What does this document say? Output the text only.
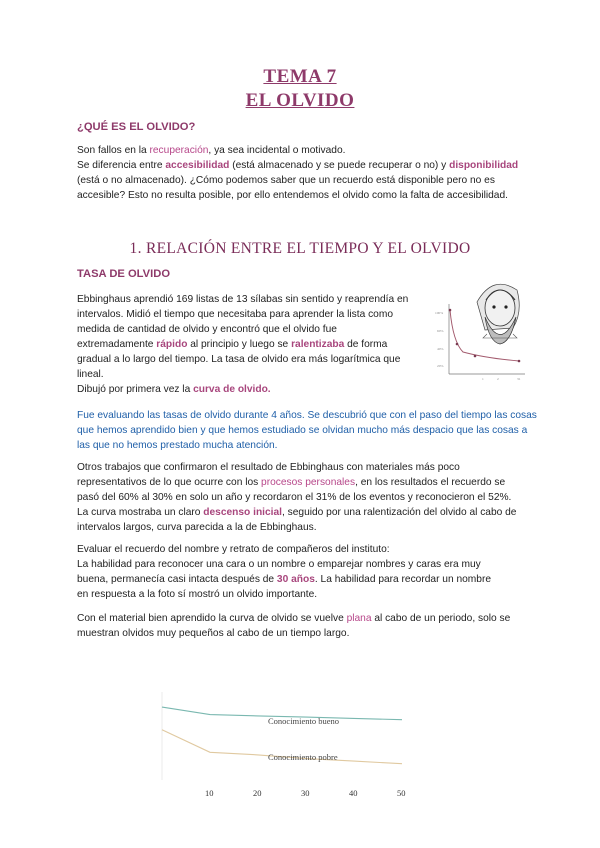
TEMA 7
EL OLVIDO
¿QUÉ ES EL OLVIDO?

Son fallos en la recuperación, ya sea incidental o motivado.

Se diferencia entre accesibilidad (está almacenado y se puede recuperar o no) y disponibilidad

(está o no almacenado). ¿Cómo podemos saber que un recuerdo está disponible pero no es

accesible? Esto no resulta posible, por ello entendemos el olvido como la falta de accesibilidad.

1. RELACIÓN ENTRE EL TIEMPO Y EL OLVIDO
TASA DE OLVIDO

Ebbinghaus aprendió 169 listas de 13 sílabas sin sentido y reaprendía en

intervalos. Midió el tiempo que necesitaba para aprender la lista como

medida de cantidad de olvido y encontró que el olvido fue

extremadamente rápido al principio y luego se ralentizaba de forma

gradual a lo largo del tiempo. La tasa de olvido era más logarítmica que

lineal.

Dibujó por primera vez la curva de olvido.

100%
60%
40%
20%
1	2	31

Fue evaluando las tasas de olvido durante 4 años. Se descubrió que con el paso del tiempo las cosas

que hemos aprendido bien y que hemos estudiado se olvidan mucho más despacio que las cosas a

las que no hemos prestado mucha atención.

Otros trabajos que confirmaron el resultado de Ebbinghaus con materiales más poco

representativos de lo que ocurre con los procesos personales, en los resultados el recuerdo se

pasó del 60% al 30% en solo un año y recordaron el 31% de los eventos y reconocieron el 52%.

La curva mostraba un claro descenso inicial, seguido por una ralentización del olvido al cabo de

intervalos largos, curva parecida a la de Ebbinghaus.

Evaluar el recuerdo del nombre y retrato de compañeros del instituto:

La habilidad para reconocer una cara o un nombre o emparejar nombres y caras era muy

buena, permanecía casi intacta después de 30 años. La habilidad para recordar un nombre

en respuesta a la foto sí mostró un olvido importante.

Con el material bien aprendido la curva de olvido se vuelve plana al cabo de un periodo, solo se

muestran olvidos muy pequeños al cabo de un tiempo largo.

Conocimiento bueno
Conocimiento pobre
10	20	30	40	50
